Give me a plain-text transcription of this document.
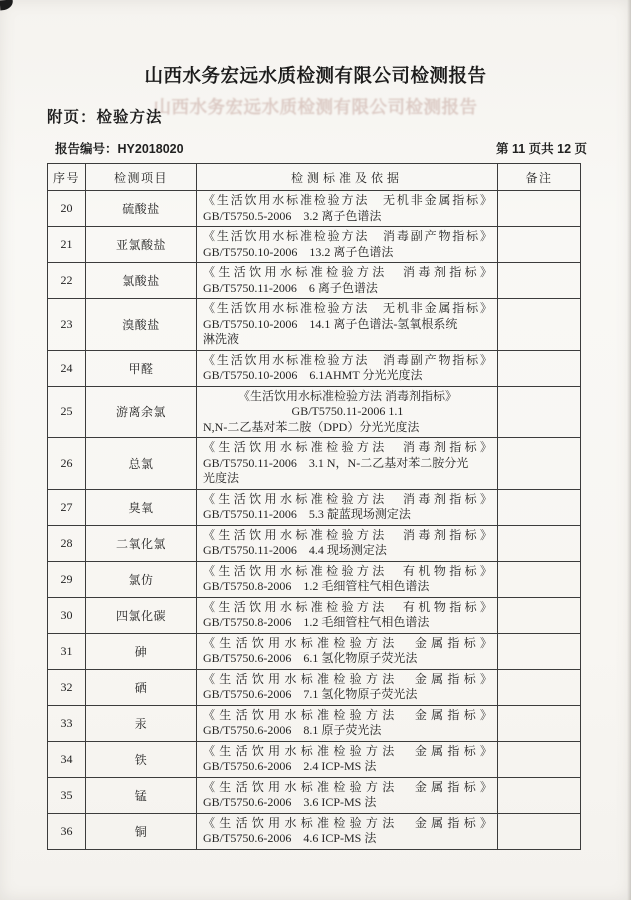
山西水务宏远水质检测有限公司检测报告
山西水务宏远水质检测有限公司检测报告
附页：检验方法
报告编号：HY2018020	第 11 页共 12 页
序号	检测项目	检测标准及依据	备注
20	硫酸盐	《生活饮用水标准检验方法　无机非金属指标》
GB/T5750.5-2006　3.2 离子色谱法	

21	亚氯酸盐	《生活饮用水标准检验方法　消毒副产物指标》
GB/T5750.10-2006　13.2 离子色谱法	

22	氯酸盐	《生活饮用水标准检验方法　消毒剂指标》
GB/T5750.11-2006　6 离子色谱法	

23	溴酸盐	《生活饮用水标准检验方法　无机非金属指标》
GB/T5750.10-2006　14.1 离子色谱法-氢氧根系统
淋洗液	

24	甲醛	《生活饮用水标准检验方法　消毒副产物指标》
GB/T5750.10-2006　6.1AHMT 分光光度法	

25	游离余氯	《生活饮用水标准检验方法 消毒剂指标》
GB/T5750.11-2006 1.1
N,N-二乙基对苯二胺（DPD）分光光度法	

26	总氯	《生活饮用水标准检验方法　消毒剂指标》
GB/T5750.11-2006　3.1 N，N-二乙基对苯二胺分光
光度法	

27	臭氧	《生活饮用水标准检验方法　消毒剂指标》
GB/T5750.11-2006　5.3 靛蓝现场测定法	

28	二氧化氯	《生活饮用水标准检验方法　消毒剂指标》
GB/T5750.11-2006　4.4 现场测定法	

29	氯仿	《生活饮用水标准检验方法　有机物指标》
GB/T5750.8-2006　1.2 毛细管柱气相色谱法	

30	四氯化碳	《生活饮用水标准检验方法　有机物指标》
GB/T5750.8-2006　1.2 毛细管柱气相色谱法	

31	砷	《生活饮用水标准检验方法　金属指标》
GB/T5750.6-2006　6.1 氢化物原子荧光法	

32	硒	《生活饮用水标准检验方法　金属指标》
GB/T5750.6-2006　7.1 氢化物原子荧光法	

33	汞	《生活饮用水标准检验方法　金属指标》
GB/T5750.6-2006　8.1 原子荧光法	

34	铁	《生活饮用水标准检验方法　金属指标》
GB/T5750.6-2006　2.4 ICP-MS 法	

35	锰	《生活饮用水标准检验方法　金属指标》
GB/T5750.6-2006　3.6 ICP-MS 法	

36	铜	《生活饮用水标准检验方法　金属指标》
GB/T5750.6-2006　4.6 ICP-MS 法	
